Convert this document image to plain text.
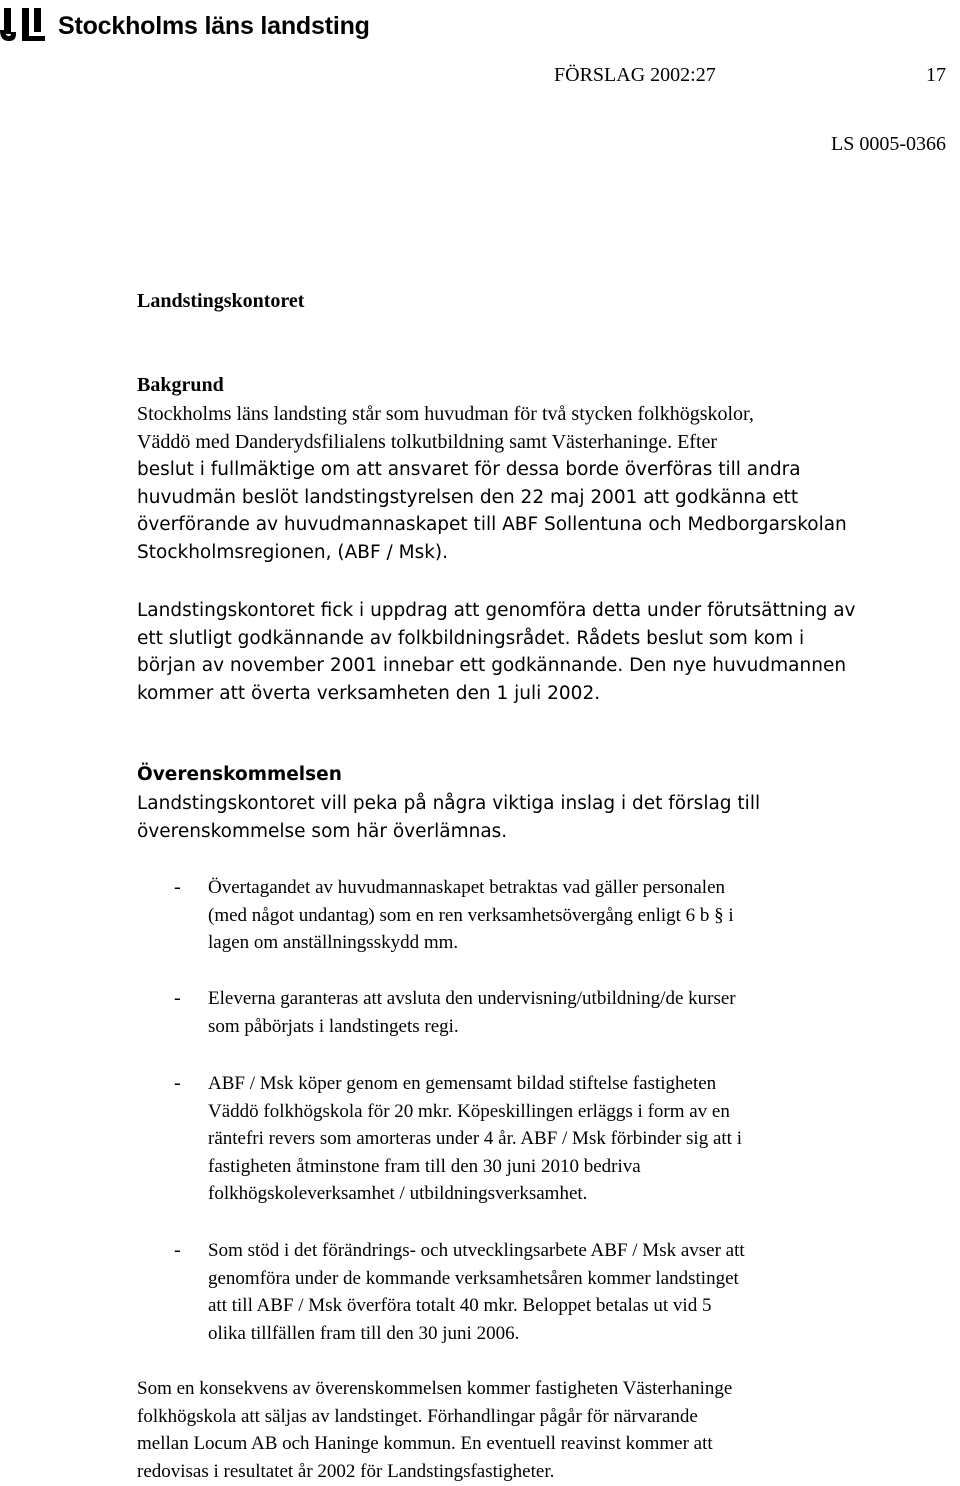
Stockholms läns landsting
FÖRSLAG 2002:27	17
LS 0005-0366
Landstingskontoret
Bakgrund
Stockholms läns landsting står som huvudman för två stycken folkhögskolor,
Väddö med Danderydsfilialens tolkutbildning samt Västerhaninge. Efter
beslut i fullmäktige om att ansvaret för dessa borde överföras till andra
huvudmän beslöt landstingstyrelsen den 22 maj 2001 att godkänna ett
överförande av huvudmannaskapet till ABF Sollentuna och Medborgarskolan
Stockholmsregionen, (ABF / Msk).
Landstingskontoret fick i uppdrag att genomföra detta under förutsättning av
ett slutligt godkännande av folkbildningsrådet. Rådets beslut som kom i
början av november 2001 innebar ett godkännande. Den nye huvudmannen
kommer att överta verksamheten den 1 juli 2002.
Överenskommelsen
Landstingskontoret vill peka på några viktiga inslag i det förslag till
överenskommelse som här överlämnas.
- Övertagandet av huvudmannaskapet betraktas vad gäller personalen
(med något undantag) som en ren verksamhetsövergång enligt 6 b § i
lagen om anställningsskydd mm.
- Eleverna garanteras att avsluta den undervisning/utbildning/de kurser
som påbörjats i landstingets regi.
- ABF / Msk köper genom en gemensamt bildad stiftelse fastigheten
Väddö folkhögskola för 20 mkr. Köpeskillingen erläggs i form av en
räntefri revers som amorteras under 4 år. ABF / Msk förbinder sig att i
fastigheten åtminstone fram till den 30 juni 2010 bedriva
folkhögskoleverksamhet / utbildningsverksamhet.
- Som stöd i det förändrings- och utvecklingsarbete ABF / Msk avser att
genomföra under de kommande verksamhetsåren kommer landstinget
att till ABF / Msk överföra totalt 40 mkr. Beloppet betalas ut vid 5
olika tillfällen fram till den 30 juni 2006.
Som en konsekvens av överenskommelsen kommer fastigheten Västerhaninge
folkhögskola att säljas av landstinget. Förhandlingar pågår för närvarande
mellan Locum AB och Haninge kommun. En eventuell reavinst kommer att
redovisas i resultatet år 2002 för Landstingsfastigheter.
